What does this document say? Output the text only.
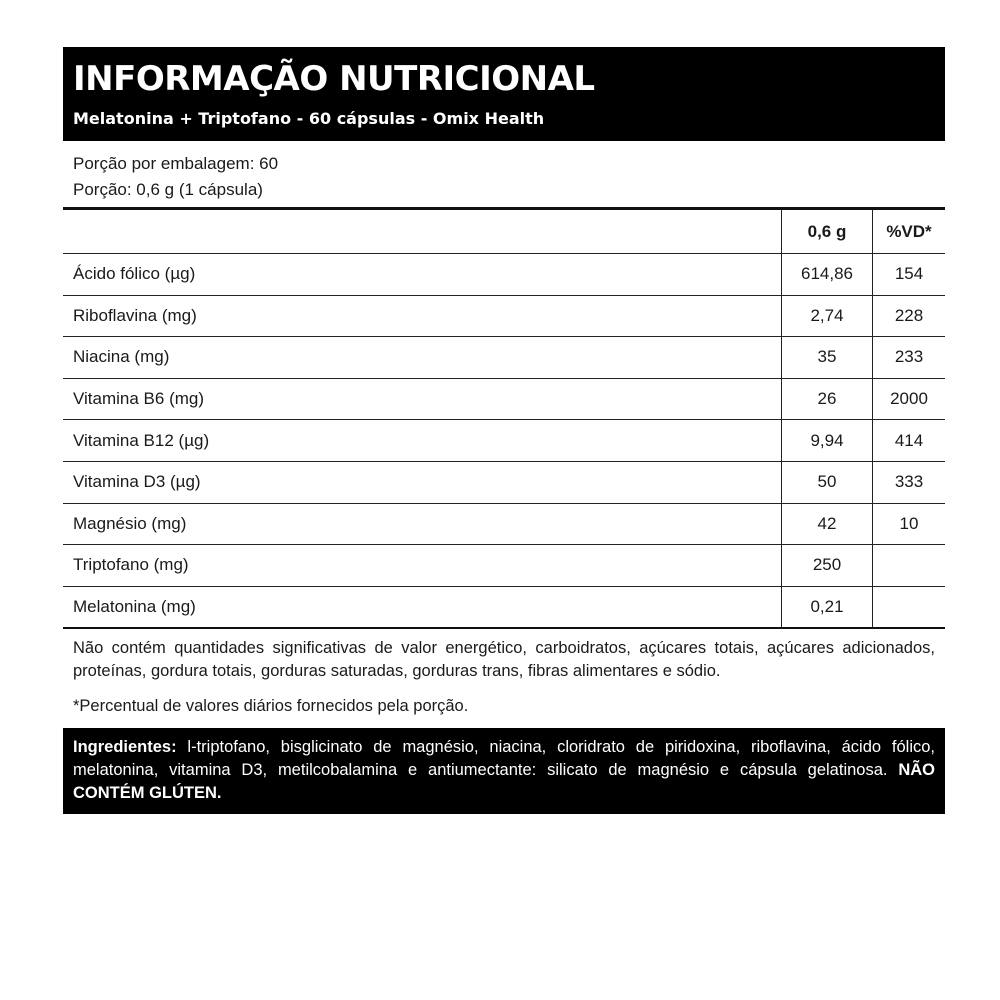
INFORMAÇÃO NUTRICIONAL
Melatonina + Triptofano - 60 cápsulas - Omix Health
Porção por embalagem: 60
Porção: 0,6 g (1 cápsula)
	0,6 g	%VD*
Ácido fólico (µg)	614,86	154
Riboflavina (mg)	2,74	228
Niacina (mg)	35	233
Vitamina B6 (mg)	26	2000
Vitamina B12 (µg)	9,94	414
Vitamina D3 (µg)	50	333
Magnésio (mg)	42	10
Triptofano (mg)	250	
Melatonina (mg)	0,21	
Não contém quantidades significativas de valor energético, carboidratos, açúcares totais, açúcares adicionados, proteínas, gordura totais, gorduras saturadas, gorduras trans, fibras alimentares e sódio.
*Percentual de valores diários fornecidos pela porção.
Ingredientes: l-triptofano, bisglicinato de magnésio, niacina, cloridrato de piridoxina, riboflavina, ácido fólico, melatonina, vitamina D3, metilcobalamina e antiumectante: silicato de magnésio e cápsula gelatinosa. NÃO CONTÉM GLÚTEN.
